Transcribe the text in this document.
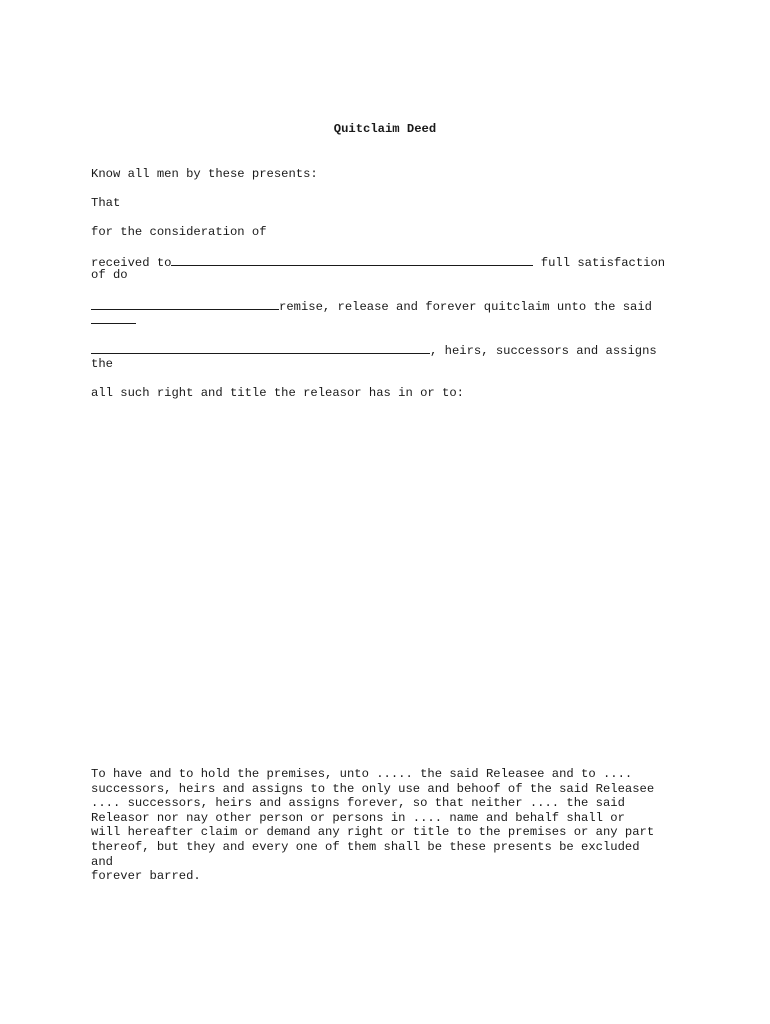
Quitclaim Deed

Know all men by these presents:

That

for the consideration of

received to	full satisfaction

of do

remise, release and forever quitclaim unto the said

, heirs, successors and assigns

the

all such right and title the releasor has in or to:

To have and to hold the premises, unto ..... the said Releasee and to ....
successors, heirs and assigns to the only use and behoof of the said Releasee
.... successors, heirs and assigns forever, so that neither .... the said
Releasor nor nay other person or persons in .... name and behalf shall or
will hereafter claim or demand any right or title to the premises or any part
thereof, but they and every one of them shall be these presents be excluded
and
forever barred.
